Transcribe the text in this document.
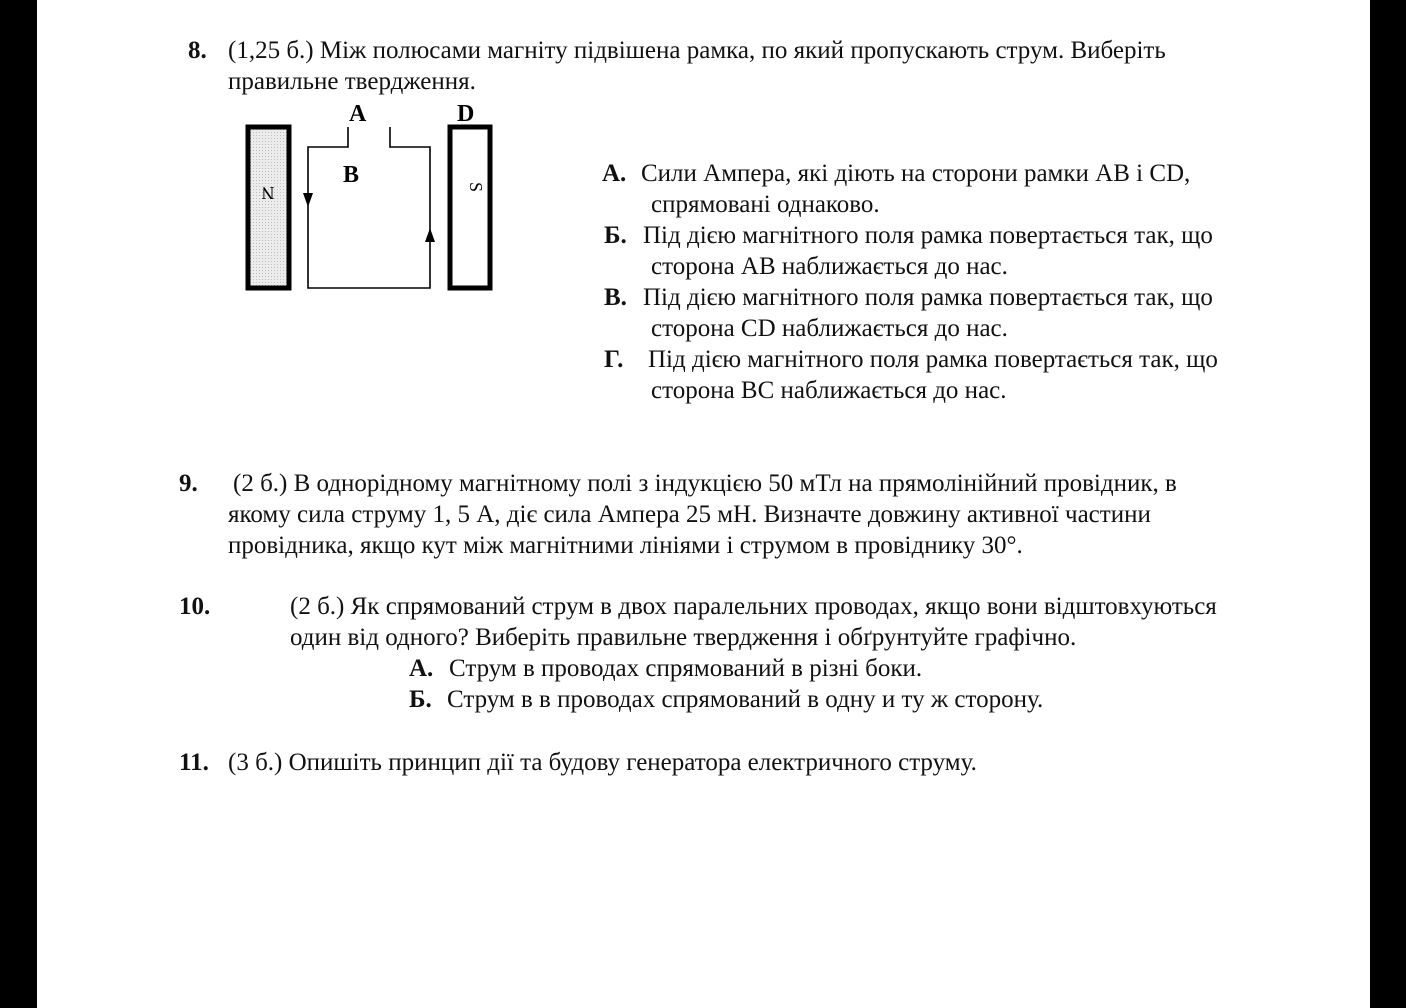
8. (1,25 б.) Між полюсами магніту підвішена рамка, по який пропускають струм. Виберіть
правильне твердження.
A	D
B
N	S	А. Сили Ампера, які діють на сторони рамки АВ і CD,
спрямовані однаково.
Б. Під дією магнітного поля рамка повертається так, що
сторона АВ наближається до нас.
В. Під дією магнітного поля рамка повертається так, що
сторона CD наближається до нас.
Г. Під дією магнітного поля рамка повертається так, що
сторона ВС наближається до нас.
9. (2 б.) В однорідному магнітному полі з індукцією 50 мТл на прямолінійний провідник, в
якому сила струму 1, 5 А, діє сила Ампера 25 мН. Визначте довжину активної частини
провідника, якщо кут між магнітними лініями і струмом в провіднику 30°.
10.	(2 б.) Як спрямований струм в двох паралельних проводах, якщо вони відштовхуються
один від одного? Виберіть правильне твердження і обґрунтуйте графічно.
А. Струм в проводах спрямований в різні боки.
Б. Струм в в проводах спрямований в одну и ту ж сторону.
11. (3 б.) Опишіть принцип дії та будову генератора електричного струму.
